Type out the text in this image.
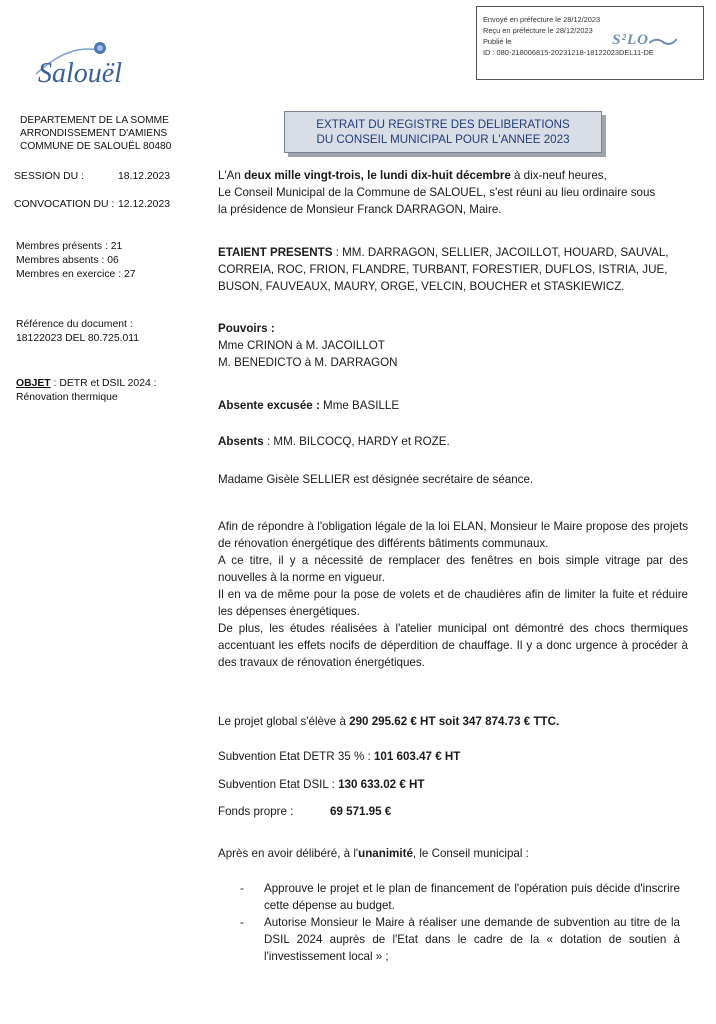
Envoyé en préfecture le 28/12/2023
Reçu en préfecture le 28/12/2023
Publié le
ID : 080-218006815-20231218-18122023DEL11-DE
S²LO
Salouël
DEPARTEMENT DE LA SOMME
ARRONDISSEMENT D'AMIENS
COMMUNE DE SALOUËL 80480
EXTRAIT DU REGISTRE DES DELIBERATIONS
DU CONSEIL MUNICIPAL POUR L'ANNEE 2023
SESSION DU :	18.12.2023
CONVOCATION DU : 12.12.2023
Membres présents : 21
Membres absents : 06
Membres en exercice : 27
Référence du document :
18122023 DEL 80.725.011
OBJET : DETR et DSIL 2024 :
Rénovation thermique
L'An deux mille vingt-trois, le lundi dix-huit décembre à dix-neuf heures,
Le Conseil Municipal de la Commune de SALOUEL, s'est réuni au lieu ordinaire sous
la présidence de Monsieur Franck DARRAGON, Maire.
ETAIENT PRESENTS : MM. DARRAGON, SELLIER, JACOILLOT, HOUARD, SAUVAL,
CORREIA, ROC, FRION, FLANDRE, TURBANT, FORESTIER, DUFLOS, ISTRIA, JUE,
BUSON, FAUVEAUX, MAURY, ORGE, VELCIN, BOUCHER et STASKIEWICZ.
Pouvoirs :
Mme CRINON à M. JACOILLOT
M. BENEDICTO à M. DARRAGON
Absente excusée : Mme BASILLE
Absents : MM. BILCOCQ, HARDY et ROZE.
Madame Gisèle SELLIER est désignée secrétaire de séance.
Afin de répondre à l'obligation légale de la loi ELAN, Monsieur le Maire propose des projets de rénovation énergétique des différents bâtiments communaux.
A ce titre, il y a nécessité de remplacer des fenêtres en bois simple vitrage par des nouvelles à la norme en vigueur.
Il en va de même pour la pose de volets et de chaudières afin de limiter la fuite et réduire les dépenses énergétiques.
De plus, les études réalisées à l'atelier municipal ont démontré des chocs thermiques accentuant les effets nocifs de déperdition de chauffage. Il y a donc urgence à procéder à des travaux de rénovation énergétiques.
Le projet global s'élève à 290 295.62 € HT soit 347 874.73 € TTC.
Subvention Etat DETR 35 % : 101 603.47 € HT
Subvention Etat DSIL : 130 633.02 € HT
Fonds propre :	69 571.95 €
Après en avoir délibéré, à l'unanimité, le Conseil municipal :
- Approuve le projet et le plan de financement de l'opération puis décide d'inscrire cette dépense au budget.
- Autorise Monsieur le Maire à réaliser une demande de subvention au titre de la DSIL 2024 auprès de l'Etat dans le cadre de la « dotation de soutien à l'investissement local » ;
